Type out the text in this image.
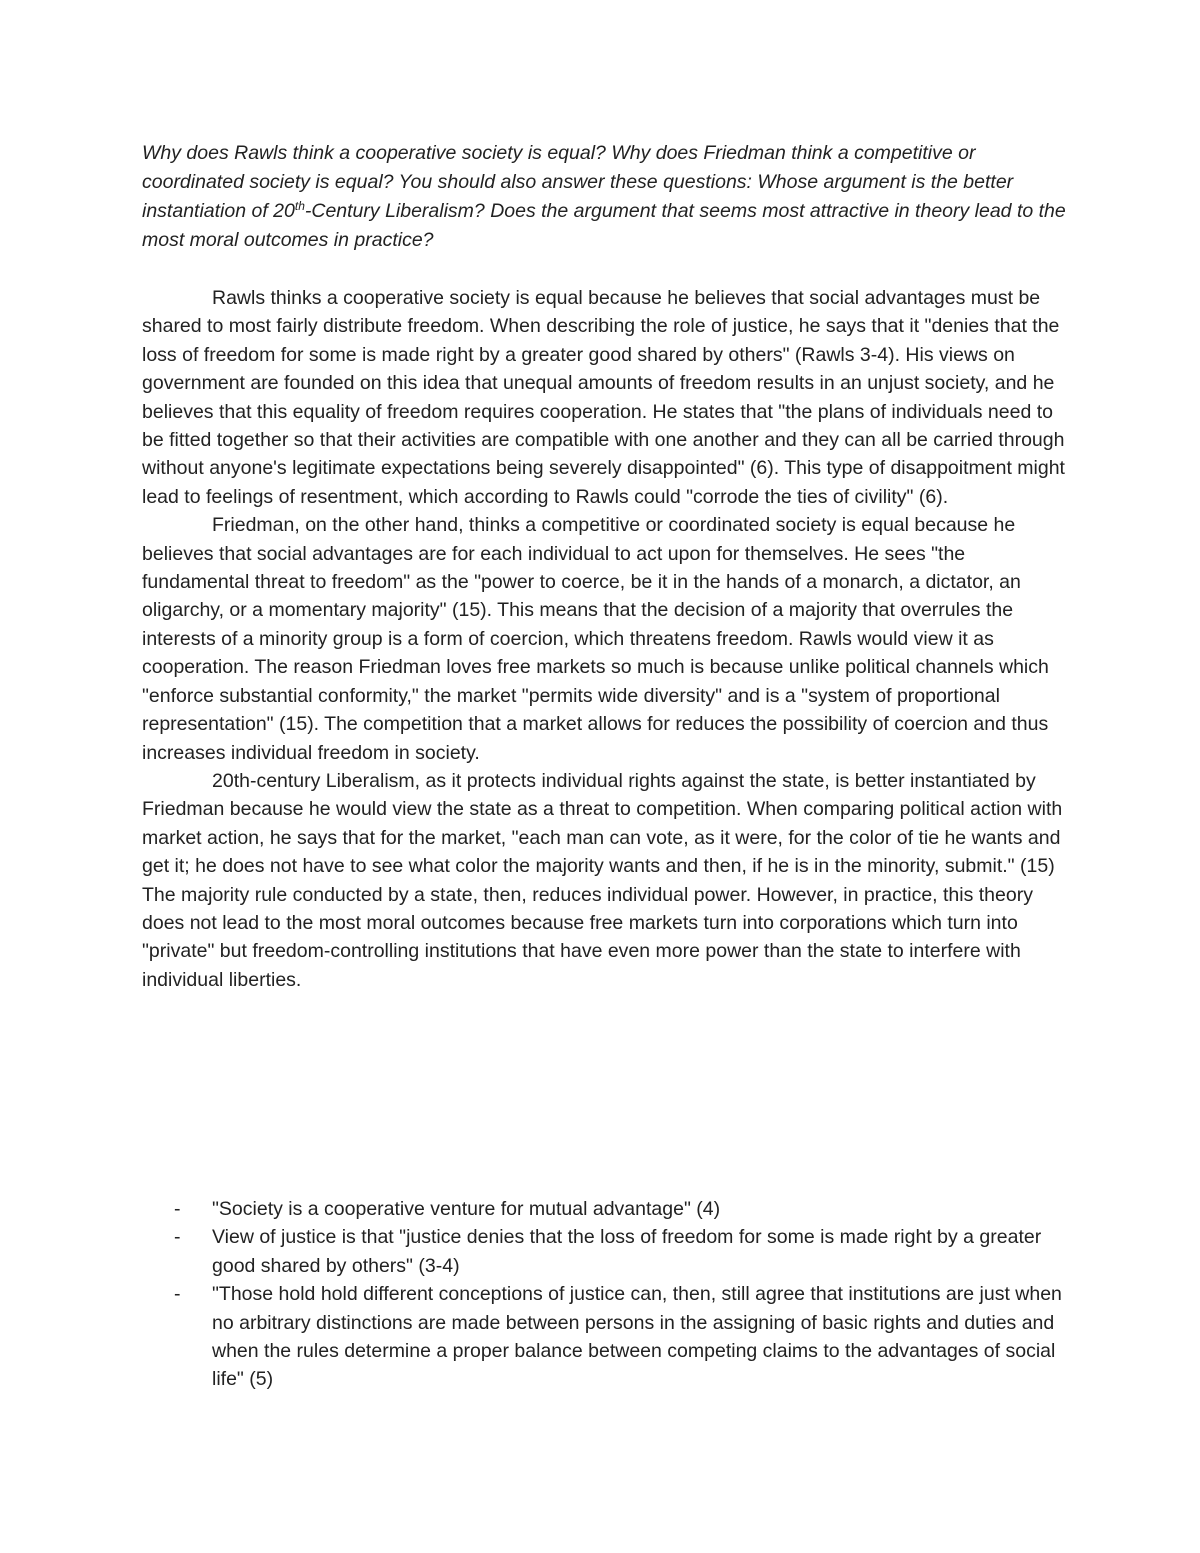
Why does Rawls think a cooperative society is equal? Why does Friedman think a competitive or coordinated society is equal? You should also answer these questions: Whose argument is the better instantiation of 20th-Century Liberalism? Does the argument that seems most attractive in theory lead to the most moral outcomes in practice?

Rawls thinks a cooperative society is equal because he believes that social advantages must be shared to most fairly distribute freedom. When describing the role of justice, he says that it "denies that the loss of freedom for some is made right by a greater good shared by others" (Rawls 3-4). His views on government are founded on this idea that unequal amounts of freedom results in an unjust society, and he believes that this equality of freedom requires cooperation. He states that "the plans of individuals need to be fitted together so that their activities are compatible with one another and they can all be carried through without anyone's legitimate expectations being severely disappointed" (6). This type of disappoitment might lead to feelings of resentment, which according to Rawls could "corrode the ties of civility" (6).

Friedman, on the other hand, thinks a competitive or coordinated society is equal because he believes that social advantages are for each individual to act upon for themselves. He sees "the fundamental threat to freedom" as the "power to coerce, be it in the hands of a monarch, a dictator, an oligarchy, or a momentary majority" (15). This means that the decision of a majority that overrules the interests of a minority group is a form of coercion, which threatens freedom. Rawls would view it as cooperation. The reason Friedman loves free markets so much is because unlike political channels which "enforce substantial conformity," the market "permits wide diversity" and is a "system of proportional representation" (15). The competition that a market allows for reduces the possibility of coercion and thus increases individual freedom in society.

20th-century Liberalism, as it protects individual rights against the state, is better instantiated by Friedman because he would view the state as a threat to competition. When comparing political action with market action, he says that for the market, "each man can vote, as it were, for the color of tie he wants and get it; he does not have to see what color the majority wants and then, if he is in the minority, submit." (15) The majority rule conducted by a state, then, reduces individual power. However, in practice, this theory does not lead to the most moral outcomes because free markets turn into corporations which turn into "private" but freedom-controlling institutions that have even more power than the state to interfere with individual liberties.

- "Society is a cooperative venture for mutual advantage" (4)
- View of justice is that "justice denies that the loss of freedom for some is made right by a greater good shared by others" (3-4)
- "Those hold hold different conceptions of justice can, then, still agree that institutions are just when no arbitrary distinctions are made between persons in the assigning of basic rights and duties and when the rules determine a proper balance between competing claims to the advantages of social life" (5)
